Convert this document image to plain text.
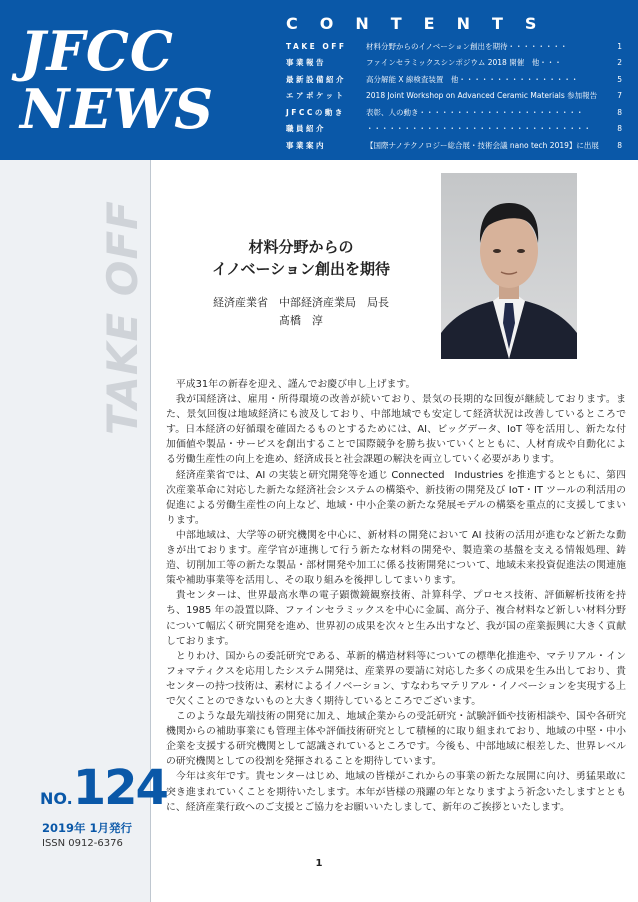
JFCC
NEWS
CONTENTS
TAKE OFF	材料分野からのイノベーション創出を期待・・・・・・・・	1
事業報告	ファインセラミックスシンポジウム 2018 開催　他・・・	2
最新設備紹介	高分解能 X 線検査装置　他・・・・・・・・・・・・・・・・	5
エアポケット	2018 Joint Workshop on Advanced Ceramic Materials 参加報告	7
JFCCの動き	表彰、人の動き・・・・・・・・・・・・・・・・・・・・・・	8
職員紹介	・・・・・・・・・・・・・・・・・・・・・・・・・・・・・・	8
事業案内	【国際ナノテクノロジー総合展・技術会議 nano tech 2019】に出展	8
TAKE OFF
NO.124
2019年 1月発行
ISSN 0912-6376
材料分野からの
イノベーション創出を期待
経済産業省　中部経済産業局　局長
髙橋　淳

平成31年の新春を迎え、謹んでお慶び申し上げます。

我が国経済は、雇用・所得環境の改善が続いており、景気の長期的な回復が継続しております。また、景気回復は地域経済にも波及しており、中部地域でも安定して経済状況は改善しているところです。日本経済の好循環を確固たるものとするためには、AI、ビッグデータ、IoT 等を活用し、新たな付加価値や製品・サービスを創出することで国際競争を勝ち抜いていくとともに、人材育成や自動化による労働生産性の向上を進め、経済成長と社会課題の解決を両立していく必要があります。

経済産業省では、AI の実装と研究開発等を通じ Connected　Industries を推進するとともに、第四次産業革命に対応した新たな経済社会システムの構築や、新技術の開発及び IoT・IT ツールの利活用の促進による労働生産性の向上など、地域・中小企業の新たな発展モデルの構築を重点的に支援してまいります。

中部地域は、大学等の研究機関を中心に、新材料の開発において AI 技術の活用が進むなど新たな動きが出ております。産学官が連携して行う新たな材料の開発や、製造業の基盤を支える情報処理、鋳造、切削加工等の新たな製品・部材開発や加工に係る技術開発について、地域未来投資促進法の関連施策や補助事業等を活用し、その取り組みを後押ししてまいります。

貴センターは、世界最高水準の電子顕微鏡観察技術、計算科学、プロセス技術、評価解析技術を持ち、1985 年の設置以降、ファインセラミックスを中心に金属、高分子、複合材料など新しい材料分野について幅広く研究開発を進め、世界初の成果を次々と生み出すなど、我が国の産業振興に大きく貢献しております。

とりわけ、国からの委託研究である、革新的構造材料等についての標準化推進や、マテリアル・インフォマティクスを応用したシステム開発は、産業界の要請に対応した多くの成果を生み出しており、貴センターの持つ技術は、素材によるイノベーション、すなわちマテリアル・イノベーションを実現する上で欠くことのできないものと大きく期待しているところでございます。

このような最先端技術の開発に加え、地域企業からの受託研究・試験評価や技術相談や、国や各研究機関からの補助事業にも管理主体や評価技術研究として積極的に取り組まれており、地域の中堅・中小企業を支援する研究機関として認識されているところです。今後も、中部地域に根差した、世界レベルの研究機関としての役割を発揮されることを期待しています。

今年は亥年です。貴センターはじめ、地域の皆様がこれからの事業の新たな展開に向け、勇猛果敢に突き進まれていくことを期待いたします。本年が皆様の飛躍の年となりますよう祈念いたしますとともに、経済産業行政へのご支援とご協力をお願いいたしまして、新年のご挨拶といたします。

1
